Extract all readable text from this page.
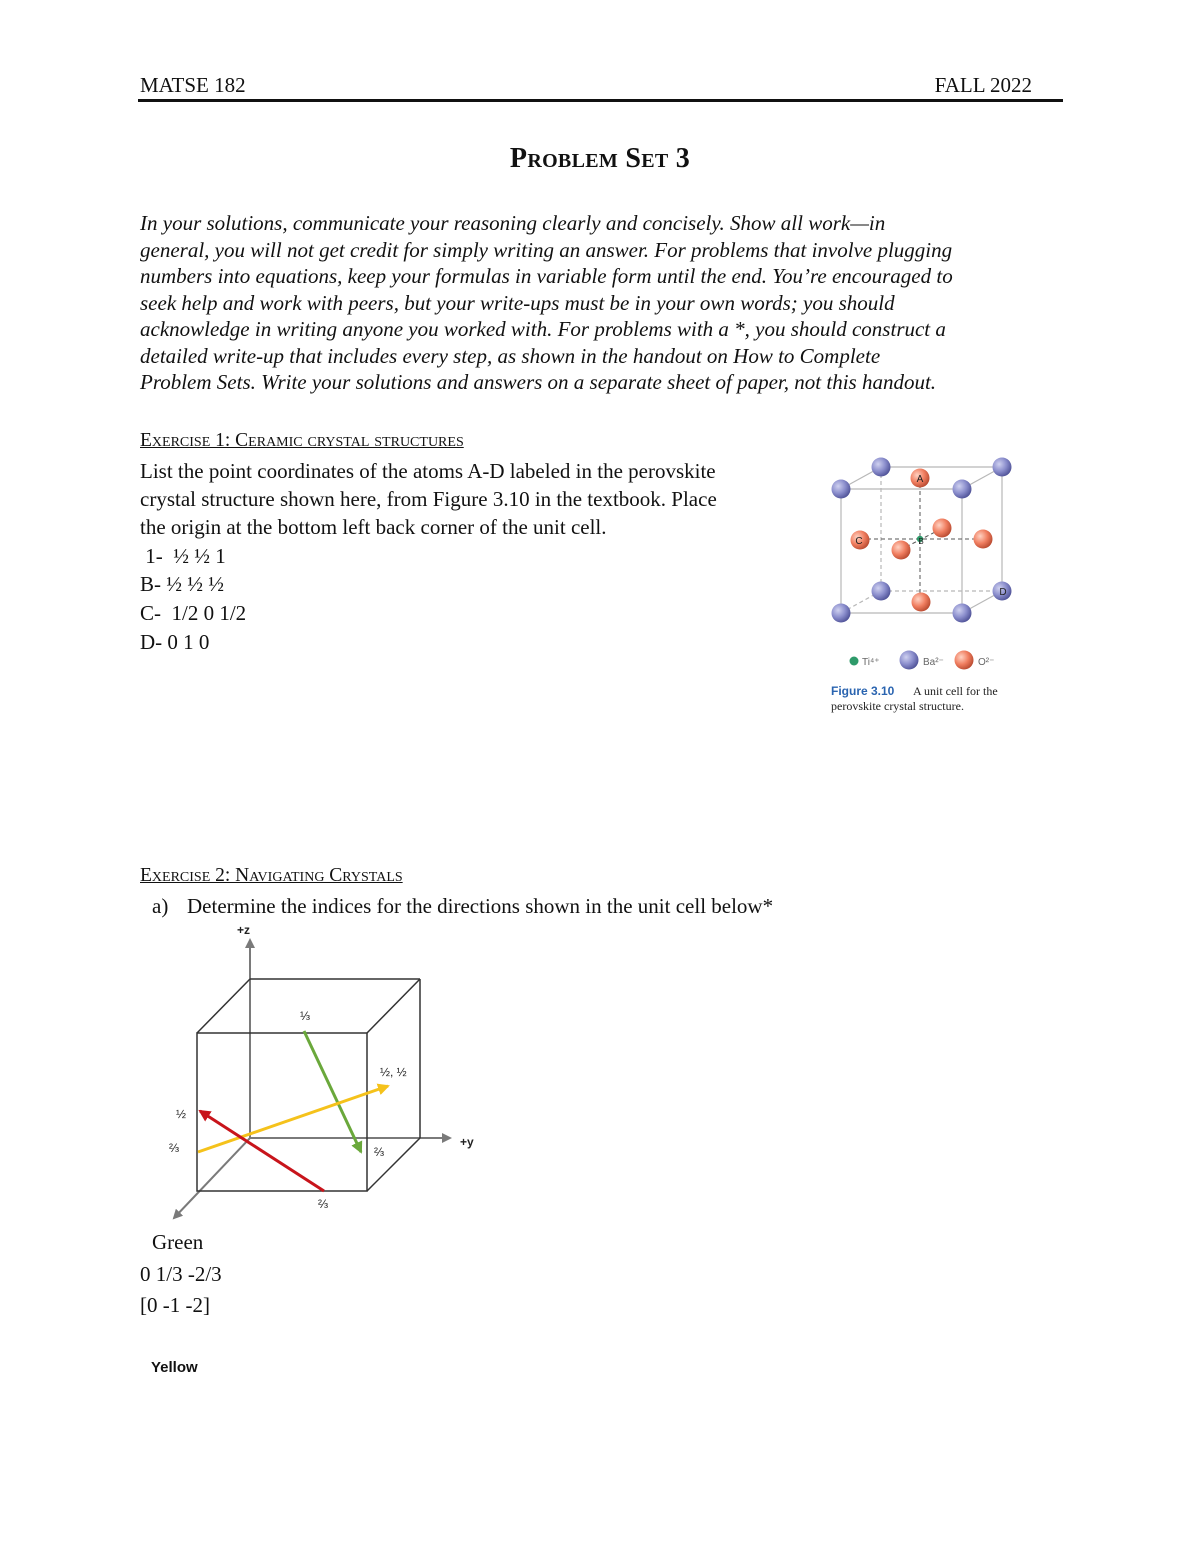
MATSE 182	FALL 2022
Problem Set 3

In your solutions, communicate your reasoning clearly and concisely. Show all work—in

general, you will not get credit for simply writing an answer. For problems that involve plugging

numbers into equations, keep your formulas in variable form until the end. You’re encouraged to

seek help and work with peers, but your write-ups must be in your own words; you should

acknowledge in writing anyone you worked with. For problems with a *, you should construct a

detailed write-up that includes every step, as shown in the handout on How to Complete

Problem Sets. Write your solutions and answers on a separate sheet of paper, not this handout.

Exercise 1: Ceramic crystal structures
List the point coordinates of the atoms A-D labeled in the perovskite
crystal structure shown here, from Figure 3.10 in the textbook. Place
the origin at the bottom left back corner of the unit cell.
1-  ½ ½ 1
B- ½ ½ ½
C-  1/2 0 1/2
D- 0 1 0
A
B
C
D
Ti⁴⁺	Ba²⁻	O²⁻
Figure 3.10 A unit cell for the
perovskite crystal structure.
Exercise 2: Navigating Crystals
a) Determine the indices for the directions shown in the unit cell below*
+z
+y
⅓
½, ½
½
⅔	⅔
⅔
Green
0 1/3 -2/3
[0 -1 -2]
Yellow
